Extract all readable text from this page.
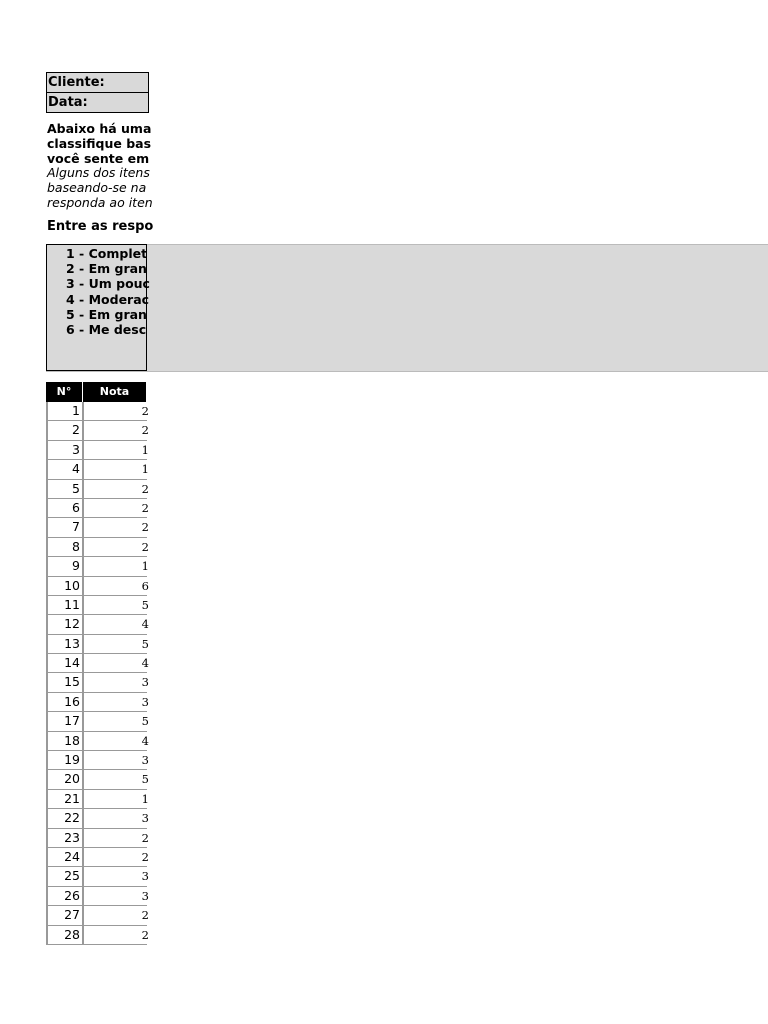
Cliente:
Data:
Abaixo há uma
classifique bas
você sente em
Alguns dos itens
baseando-se na
responda ao iten
Entre as respo
1 - Complet
2 - Em gran
3 - Um pouc
4 - Moderac
5 - Em gran
6 - Me desc
N°	Nota
1	2
2	2
3	1
4	1
5	2
6	2
7	2
8	2
9	1
10	6
11	5
12	4
13	5
14	4
15	3
16	3
17	5
18	4
19	3
20	5
21	1
22	3
23	2
24	2
25	3
26	3
27	2
28	2
